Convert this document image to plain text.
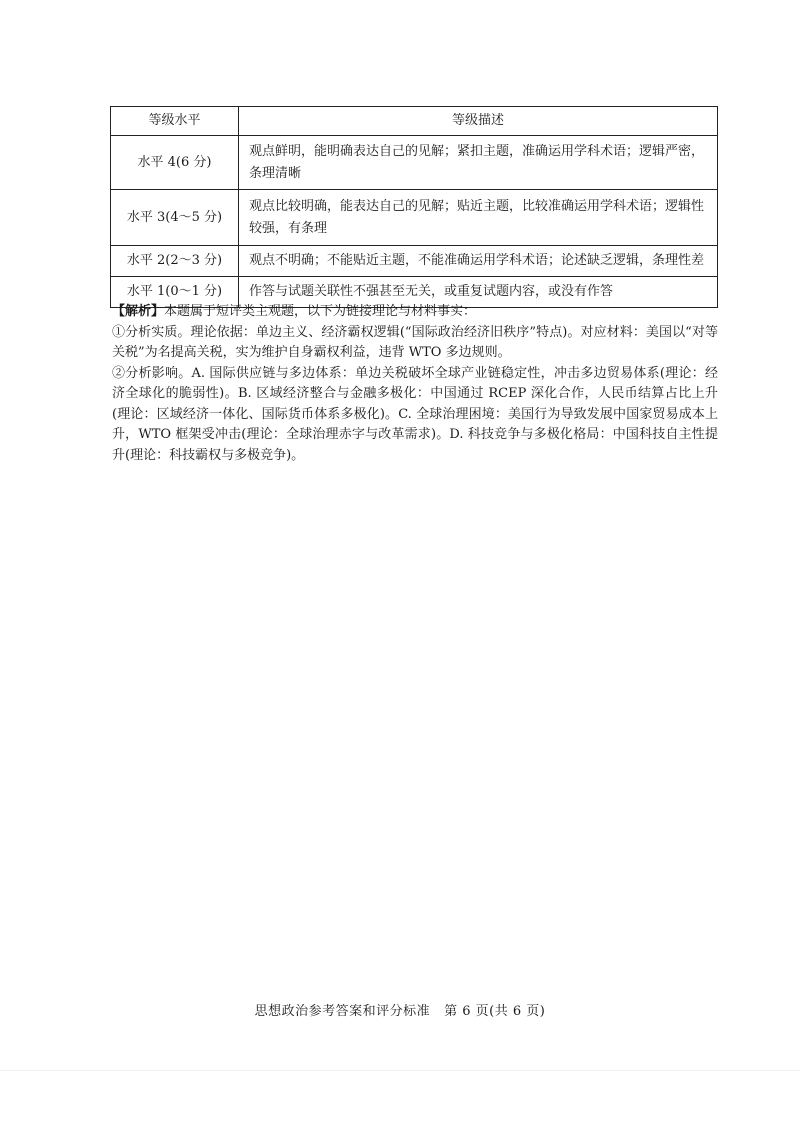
等级水平	等级描述
水平 4(6 分)	观点鲜明，能明确表达自己的见解；紧扣主题，准确运用学科术语；逻辑严密，条理清晰
水平 3(4～5 分)	观点比较明确，能表达自己的见解；贴近主题，比较准确运用学科术语；逻辑性较强，有条理
水平 2(2～3 分)	观点不明确；不能贴近主题，不能准确运用学科术语；论述缺乏逻辑，条理性差
水平 1(0～1 分)	作答与试题关联性不强甚至无关，或重复试题内容，或没有作答

【解析】本题属于短评类主观题，以下为链接理论与材料事实：

①分析实质。理论依据：单边主义、经济霸权逻辑(“国际政治经济旧秩序”特点)。对应材料：美国以“对等关税”为名提高关税，实为维护自身霸权利益，违背 WTO 多边规则。

②分析影响。A. 国际供应链与多边体系：单边关税破坏全球产业链稳定性，冲击多边贸易体系(理论：经济全球化的脆弱性)。B. 区域经济整合与金融多极化：中国通过 RCEP 深化合作，人民币结算占比上升(理论：区域经济一体化、国际货币体系多极化)。C. 全球治理困境：美国行为导致发展中国家贸易成本上升，WTO 框架受冲击(理论：全球治理赤字与改革需求)。D. 科技竞争与多极化格局：中国科技自主性提升(理论：科技霸权与多极竞争)。

思想政治参考答案和评分标准 第 6 页(共 6 页)
